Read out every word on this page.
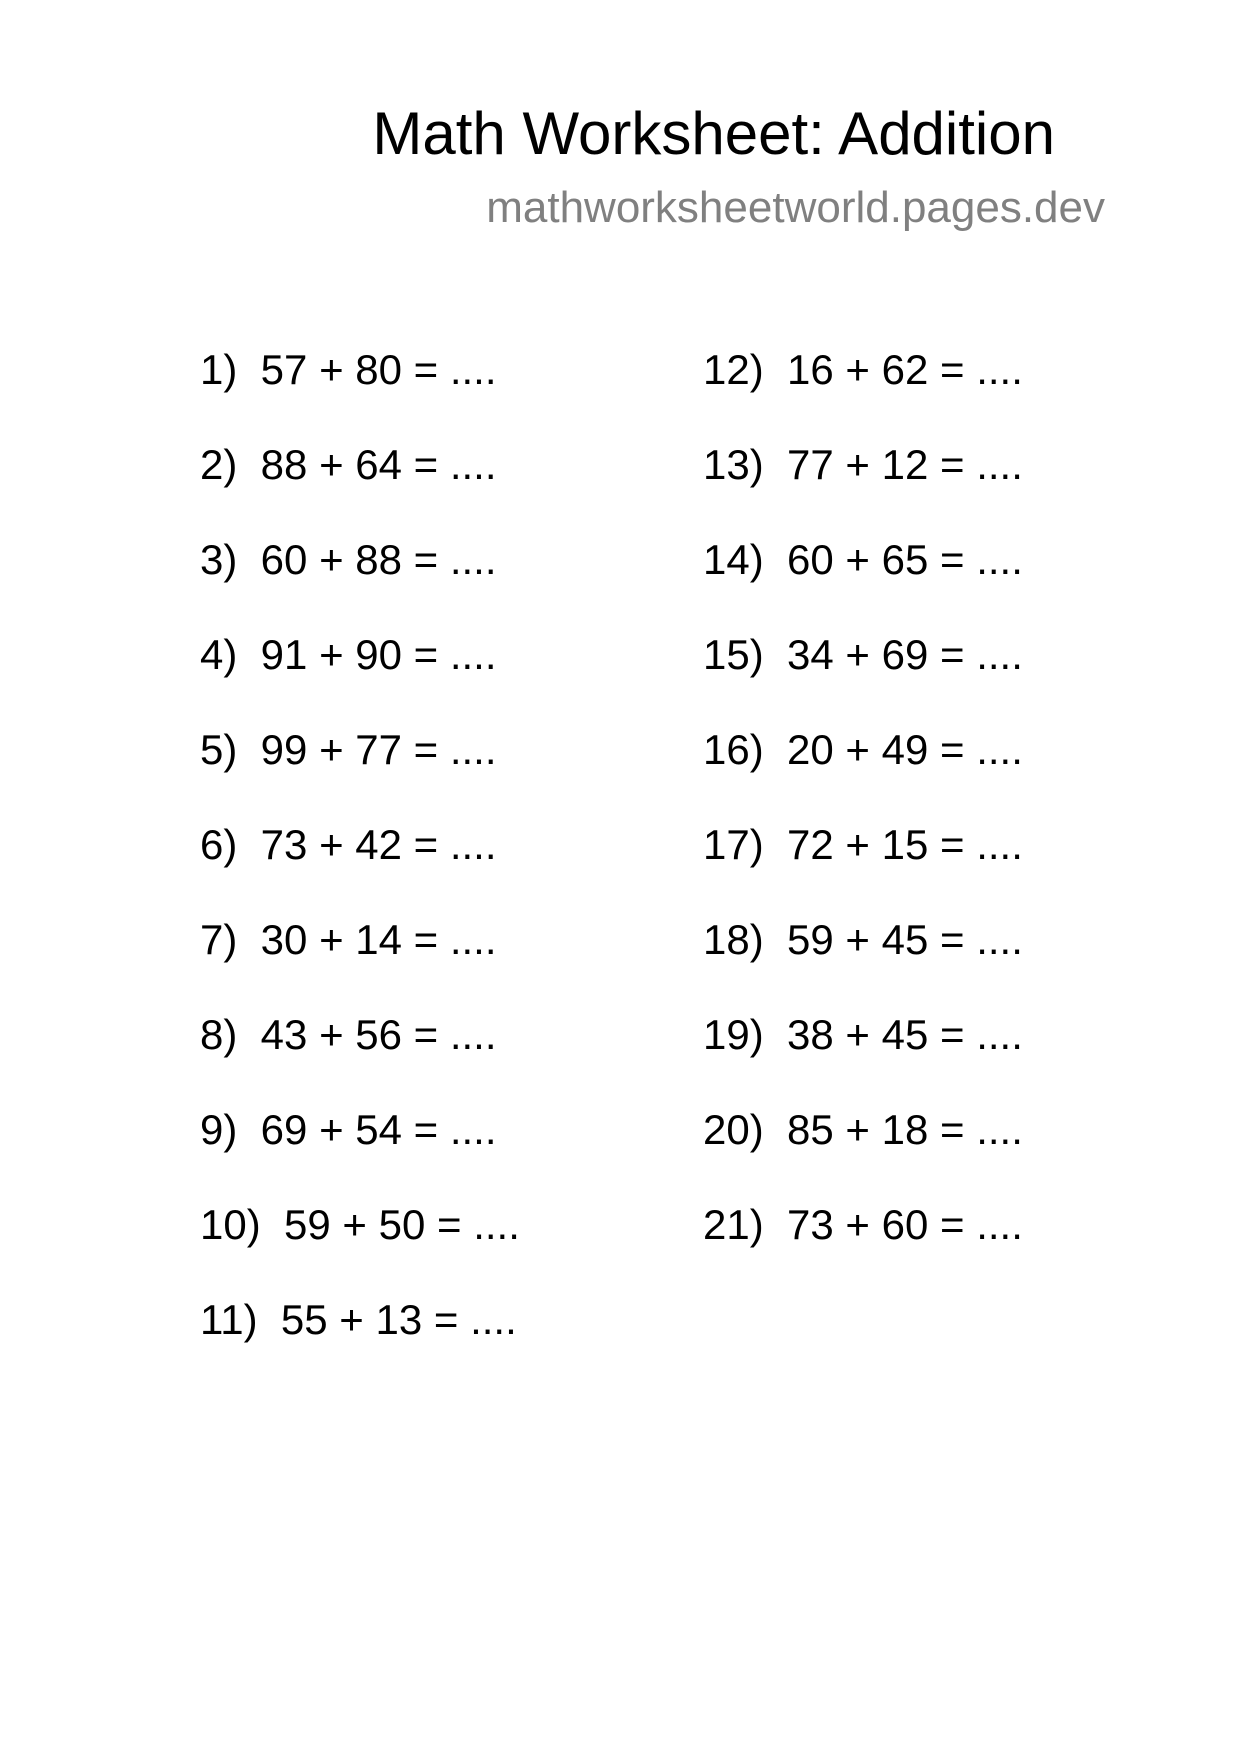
Math Worksheet: Addition
mathworksheetworld.pages.dev
1)  57 + 80 = ....
2)  88 + 64 = ....
3)  60 + 88 = ....
4)  91 + 90 = ....
5)  99 + 77 = ....
6)  73 + 42 = ....
7)  30 + 14 = ....
8)  43 + 56 = ....
9)  69 + 54 = ....
10)  59 + 50 = ....
11)  55 + 13 = ....
12)  16 + 62 = ....
13)  77 + 12 = ....
14)  60 + 65 = ....
15)  34 + 69 = ....
16)  20 + 49 = ....
17)  72 + 15 = ....
18)  59 + 45 = ....
19)  38 + 45 = ....
20)  85 + 18 = ....
21)  73 + 60 = ....
